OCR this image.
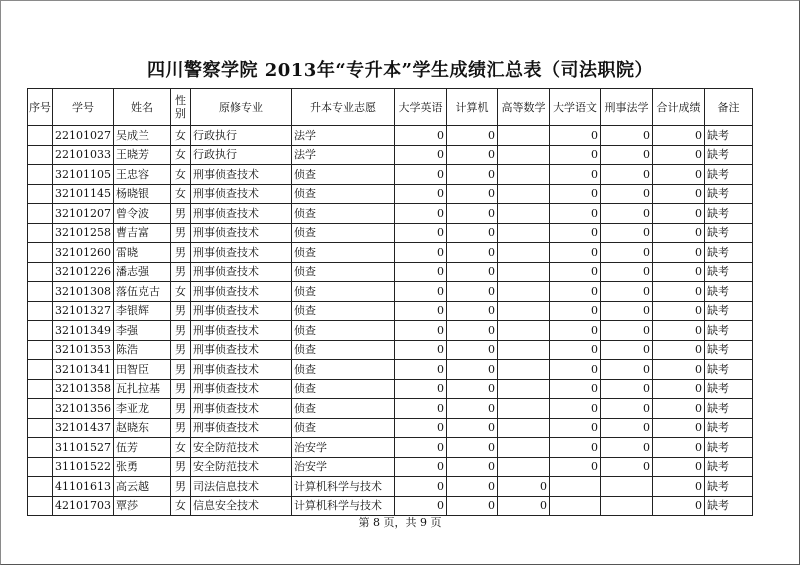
四川警察学院 2013年“专升本”学生成绩汇总表（司法职院）
序号	学号	姓名	性别	原修专业	升本专业志愿	大学英语	计算机	高等数学	大学语文	刑事法学	合计成绩	备注
	22101027	吴成兰	女	行政执行	法学	0	0		0	0	0	缺考
	22101033	王晓芳	女	行政执行	法学	0	0		0	0	0	缺考
	32101105	王忠容	女	刑事侦查技术	侦查	0	0		0	0	0	缺考
	32101145	杨晓银	女	刑事侦查技术	侦查	0	0		0	0	0	缺考
	32101207	曾令波	男	刑事侦查技术	侦查	0	0		0	0	0	缺考
	32101258	曹吉富	男	刑事侦查技术	侦查	0	0		0	0	0	缺考
	32101260	雷晓	男	刑事侦查技术	侦查	0	0		0	0	0	缺考
	32101226	潘志强	男	刑事侦查技术	侦查	0	0		0	0	0	缺考
	32101308	落伍克古	女	刑事侦查技术	侦查	0	0		0	0	0	缺考
	32101327	李银辉	男	刑事侦查技术	侦查	0	0		0	0	0	缺考
	32101349	李强	男	刑事侦查技术	侦查	0	0		0	0	0	缺考
	32101353	陈浩	男	刑事侦查技术	侦查	0	0		0	0	0	缺考
	32101341	田智臣	男	刑事侦查技术	侦查	0	0		0	0	0	缺考
	32101358	瓦扎拉基	男	刑事侦查技术	侦查	0	0		0	0	0	缺考
	32101356	李亚龙	男	刑事侦查技术	侦查	0	0		0	0	0	缺考
	32101437	赵晓东	男	刑事侦查技术	侦查	0	0		0	0	0	缺考
	31101527	伍芳	女	安全防范技术	治安学	0	0		0	0	0	缺考
	31101522	张勇	男	安全防范技术	治安学	0	0		0	0	0	缺考
	41101613	高云越	男	司法信息技术	计算机科学与技术	0	0	0			0	缺考
	42101703	覃莎	女	信息安全技术	计算机科学与技术	0	0	0			0	缺考
第 8 页，共 9 页
